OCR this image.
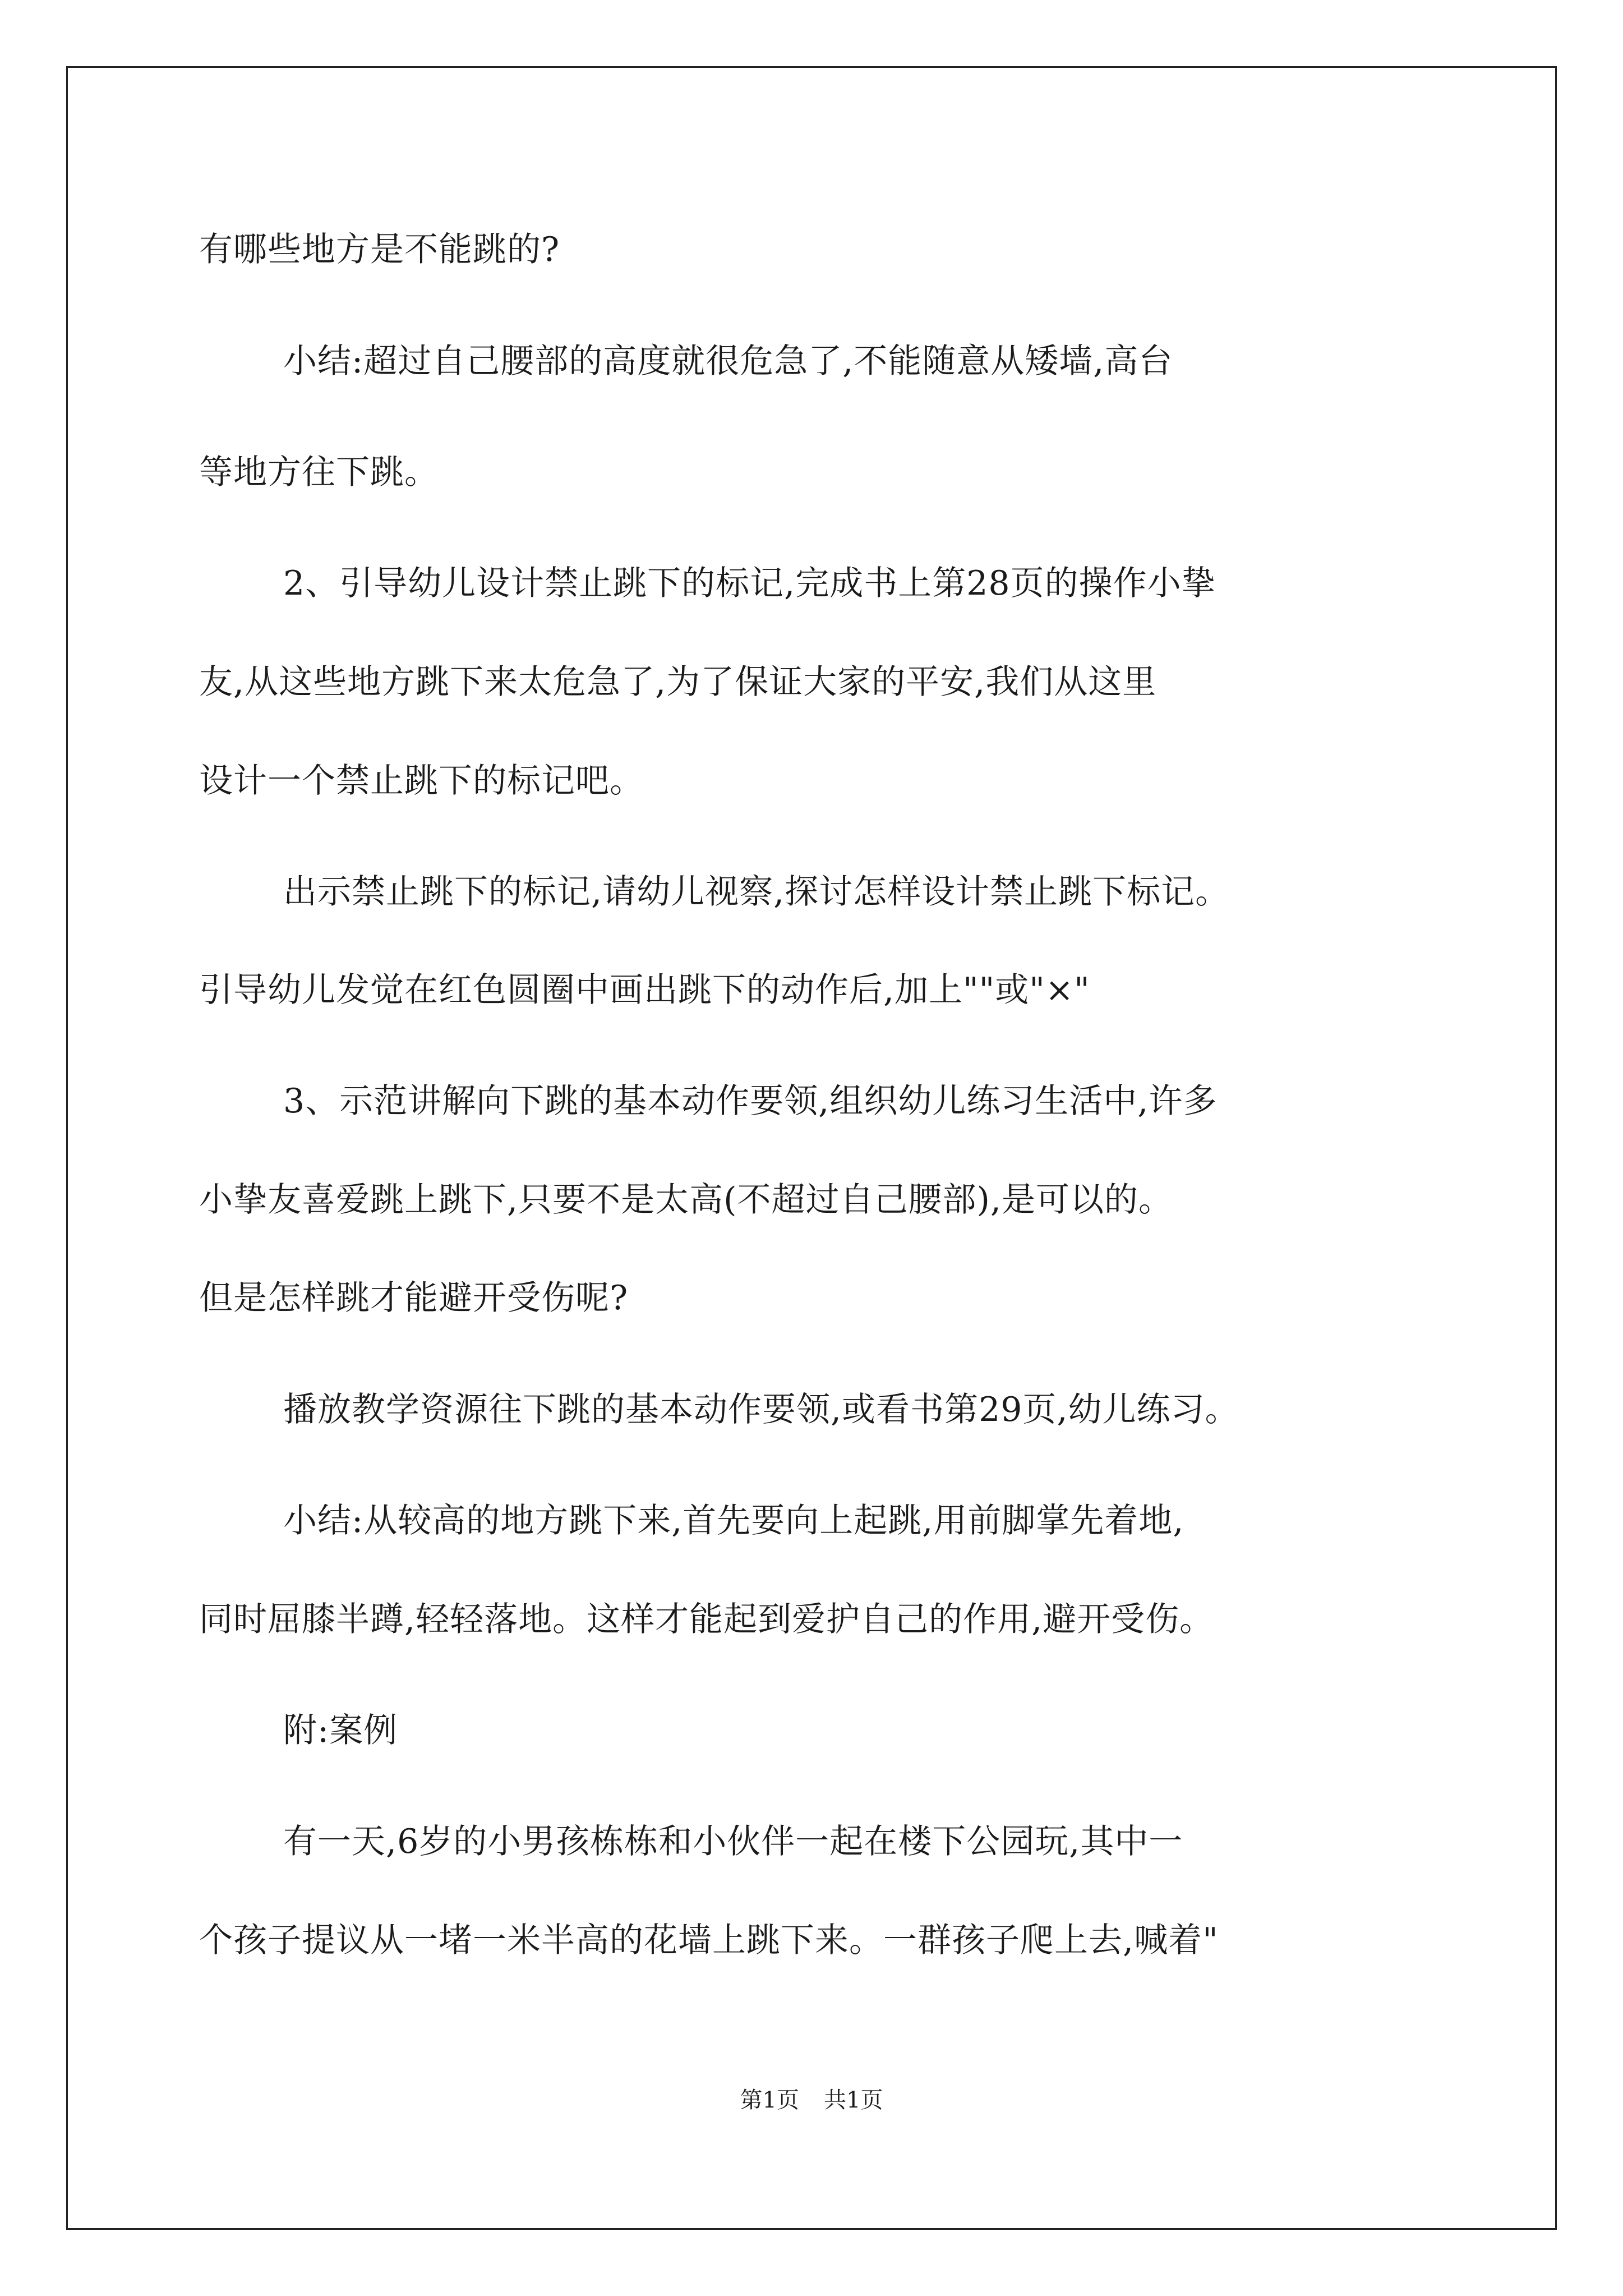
有哪些地方是不能跳的?
小结:超过自己腰部的高度就很危急了,不能随意从矮墙,高台
等地方往下跳。
2、引导幼儿设计禁止跳下的标记,完成书上第28页的操作小挚
友,从这些地方跳下来太危急了,为了保证大家的平安,我们从这里
设计一个禁止跳下的标记吧。
出示禁止跳下的标记,请幼儿视察,探讨怎样设计禁止跳下标记。
引导幼儿发觉在红色圆圈中画出跳下的动作后,加上""或"×"
3、示范讲解向下跳的基本动作要领,组织幼儿练习生活中,许多
小挚友喜爱跳上跳下,只要不是太高(不超过自己腰部),是可以的。
但是怎样跳才能避开受伤呢?
播放教学资源往下跳的基本动作要领,或看书第29页,幼儿练习。
小结:从较高的地方跳下来,首先要向上起跳,用前脚掌先着地,
同时屈膝半蹲,轻轻落地。这样才能起到爱护自己的作用,避开受伤。
附:案例
有一天,6岁的小男孩栋栋和小伙伴一起在楼下公园玩,其中一
个孩子提议从一堵一米半高的花墙上跳下来。一群孩子爬上去,喊着"
第1页 共1页
